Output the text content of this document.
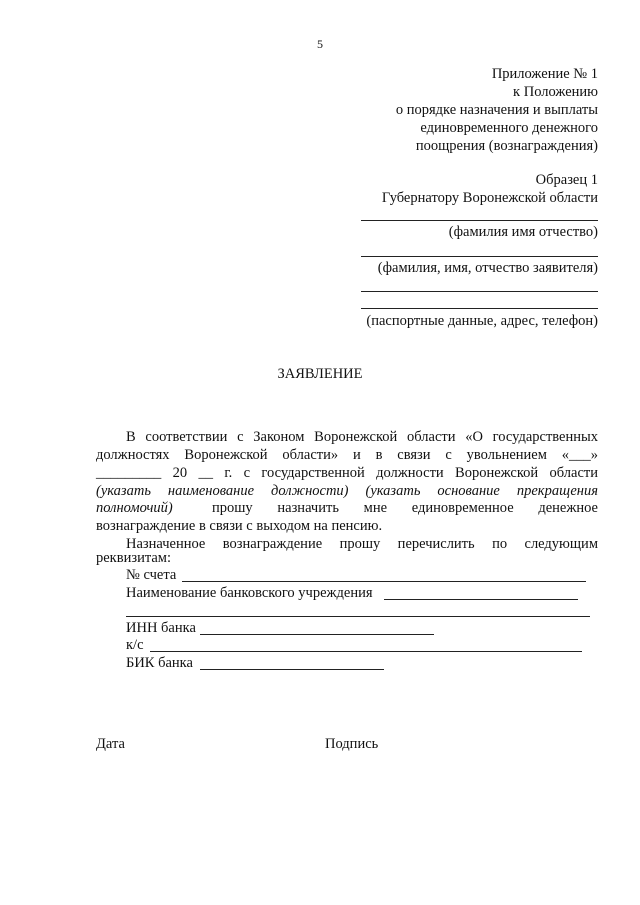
5
Приложение № 1
к Положению
о порядке назначения и выплаты
единовременного денежного
поощрения (вознаграждения)
Образец 1
Губернатору Воронежской области
(фамилия имя отчество)
(фамилия, имя, отчество заявителя)
(паспортные данные, адрес, телефон)
ЗАЯВЛЕНИЕ
В соответствии с Законом Воронежской области «О государственных
должностях Воронежской области» и в связи с увольнением «___»
_________ 20 __ г. с государственной должности Воронежской области
(указать наименование должности) (указать основание прекращения
полномочий)	прошу назначить мне единовременное денежное
вознаграждение в связи с выходом на пенсию.
Назначенное вознаграждение прошу перечислить по следующим
реквизитам:
№ счета
Наименование банковского учреждения
ИНН банка
к/с
БИК банка
Дата	Подпись
